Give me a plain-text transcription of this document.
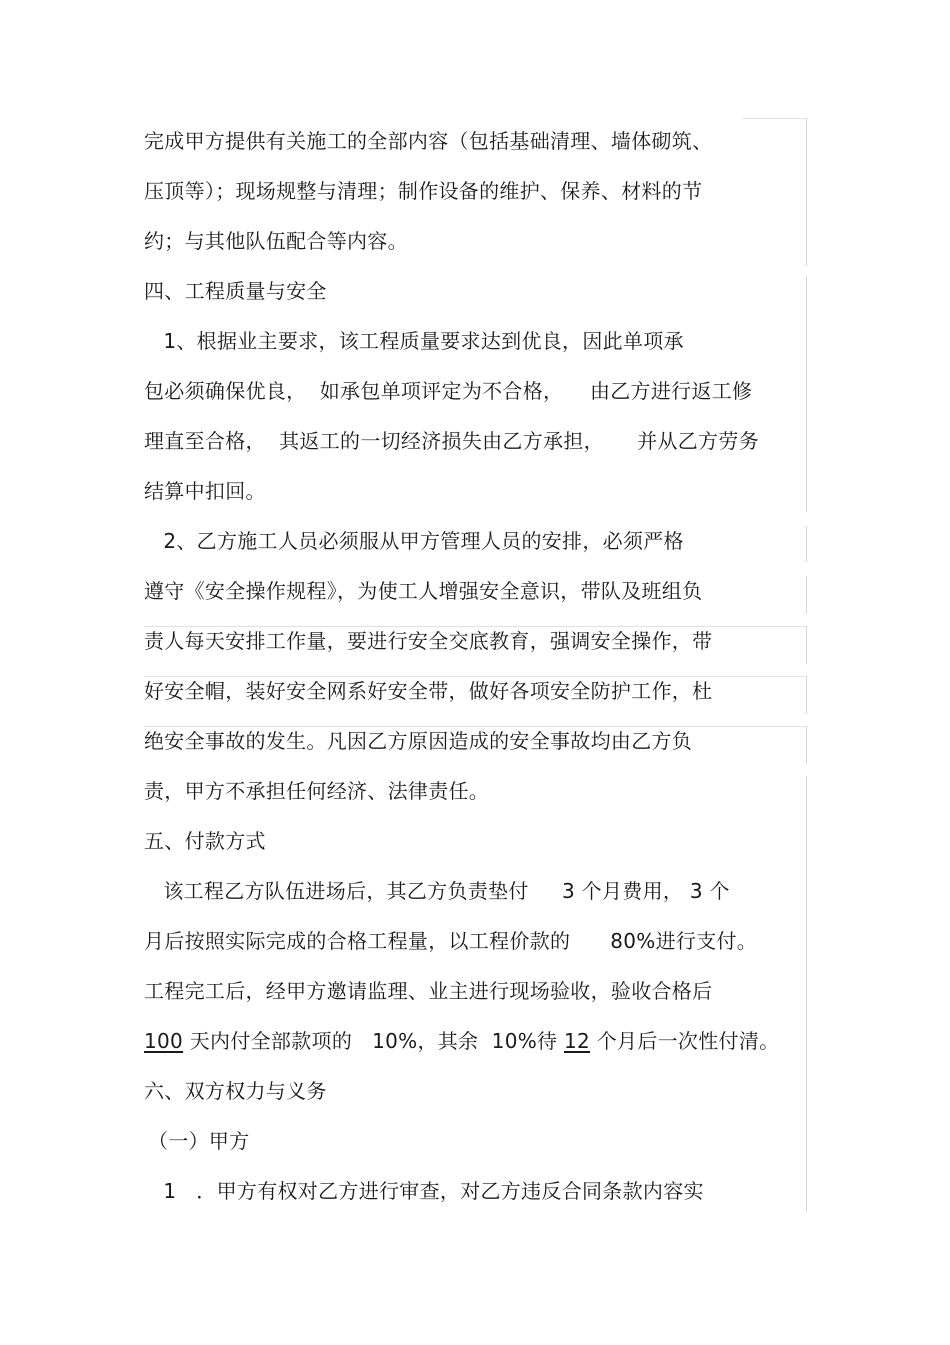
完成甲方提供有关施工的全部内容（包括基础清理、墙体砌筑、
压顶等）；现场规整与清理；制作设备的维护、保养、材料的节
约；与其他队伍配合等内容。
四、工程质量与安全
1、根据业主要求，该工程质量要求达到优良，因此单项承
包必须确保优良，  如承包单项评定为不合格，    由乙方进行返工修
理直至合格，  其返工的一切经济损失由乙方承担，     并从乙方劳务
结算中扣回。
2、乙方施工人员必须服从甲方管理人员的安排，必须严格
遵守《安全操作规程》，为使工人增强安全意识，带队及班组负
责人每天安排工作量，要进行安全交底教育，强调安全操作，带
好安全帽，装好安全网系好安全带，做好各项安全防护工作，杜
绝安全事故的发生。凡因乙方原因造成的安全事故均由乙方负
责，甲方不承担任何经济、法律责任。
五、付款方式
该工程乙方队伍进场后，其乙方负责垫付     3 个月费用， 3 个
月后按照实际完成的合格工程量，以工程价款的      80%进行支付。
工程完工后，经甲方邀请监理、业主进行现场验收，验收合格后
100 天内付全部款项的   10%，其余  10%待 12 个月后一次性付清。
六、双方权力与义务
（一）甲方
1   ．甲方有权对乙方进行审查，对乙方违反合同条款内容实
